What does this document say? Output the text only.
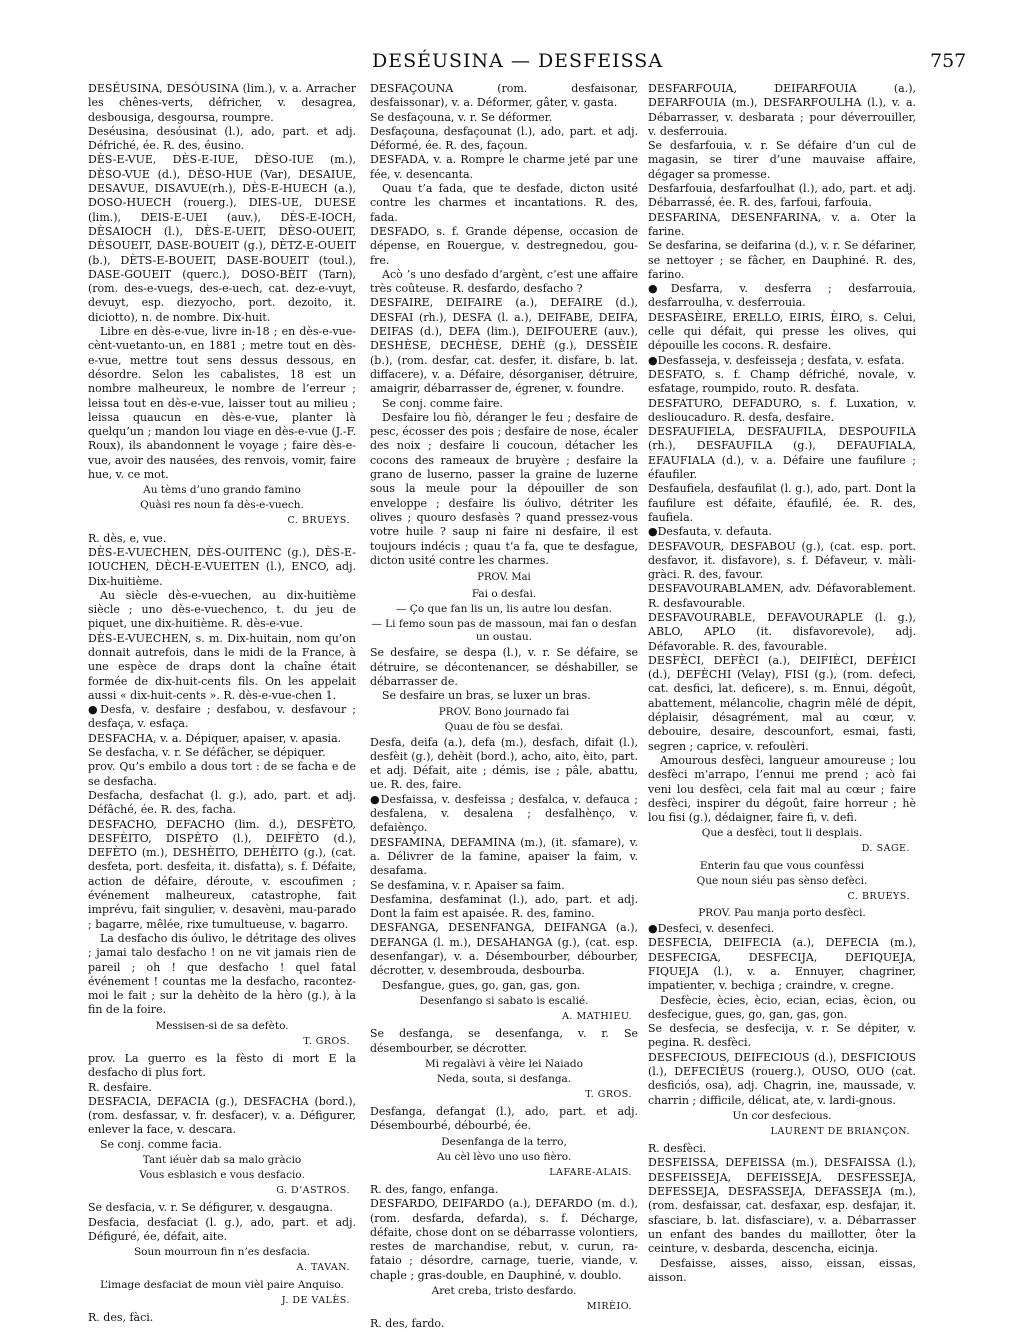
DESÉUSINA — DESFEISSA	757

DESÉUSINA, DESÓUSINA (lim.), v. a. Arracher les chênes-verts, défricher, v. desagrea, desbousiga, desgoursa, roumpre.

Deséusina, desóusinat (l.), ado, part. et adj. Défriché, ée. R. des, éusino.

DÈS-E-VUE, DÈS-E-IUE, DÈSO-IUE (m.), DÈSO-VUE (d.), DÈSO-HUE (Var), DESAIUE, DESAVUE, DISAVUE(rh.), DÈS-E-HUECH (a.), DOSO-HUECH (rouerg.), DIES-UE, DUESE (lim.), DEIS-E-UEI (auv.), DÈS-E-IOCH, DÈSAIOCH (l.), DÈS-E-UEIT, DÈSO-OUEIT, DÈSOUEIT, DASE-BOUEIT (g.), DÈTZ-E-OUEIT (b.), DÈTS-E-BOUEIT, DASE-BOUEIT (toul.), DASE-GOUEIT (querc.), DOSO-BÈIT (Tarn), (rom. des-e-vuegs, des-e-uech, cat. dez-e-vuyt, devuyt, esp. diezyocho, port. dezoito, it. diciotto), n. de nombre. Dix-huit.

Libre en dès-e-vue, livre in-18 ; en dès-e-vue-cènt-vuetanto-un, en 1881 ; metre tout en dès-e-vue, mettre tout sens dessus dessous, en désordre. Selon les cabalistes, 18 est un nombre malheureux, le nombre de l’erreur ; leissa tout en dès-e-vue, laisser tout au milieu ; leissa quaucun en dès-e-vue, planter là quelqu’un ; mandon lou viage en dès-e-vue (J.-F. Roux), ils abandonnent le voyage ; faire dès-e-vue, avoir des nausées, des renvois, vomir, faire hue, v. ce mot.

Au tèms d’uno grando famino

Quàsi res noun fa dès-e-vuech.

C. BRUEYS.

R. dès, e, vue.

DÈS-E-VUECHEN, DÈS-OUITENC (g.), DÈS-E-IOUCHEN, DÈCH-E-VUEITEN (l.), ENCO, adj. Dix-huitième.

Au siècle dès-e-vuechen, au dix-huitième siècle ; uno dès-e-vuechenco, t. du jeu de piquet, une dix-huitième. R. dès-e-vue.

DÈS-E-VUECHEN, s. m. Dix-huitain, nom qu’on donnait autrefois, dans le midi de la France, à une espèce de draps dont la chaîne était formée de dix-huit-cents fils. On les appelait aussi « dix-huit-cents ». R. dès-e-vue-chen 1.

●Desfa, v. desfaire ; desfabou, v. desfavour ; desfaça, v. esfaça.

DESFACHA, v. a. Dépiquer, apaiser, v. apasia.

Se desfacha, v. r. Se défâcher, se dépiquer.

prov. Qu’s embilo a dous tort : de se facha e de se desfacha.

Desfacha, desfachat (l. g.), ado, part. et adj. Défâché, ée. R. des, facha.

DESFACHO, DEFACHO (lim. d.), DESFÈTO, DESFÈITO, DISPÈTO (l.), DEIFÈTO (d.), DEFÈTO (m.), DESHÈITO, DEHÈITO (g.), (cat. desfeta, port. desfeita, it. disfatta), s. f. Défaite, action de défaire, déroute, v. escoufimen ; événement malheureux, catastrophe, fait imprévu, fait singulier, v. desavèni, mau-parado ; bagarre, mêlée, rixe tumultueuse, v. bagarro.

La desfacho dis óulivo, le détritage des olives ; jamai talo desfacho ! on ne vit jamais rien de pareil ; oh ! que desfacho ! quel fatal événement ! countas me la desfacho, racontez-moi le fait ; sur la dehèito de la hèro (g.), à la fin de la foire.

Messisen-si de sa defèto.

T. GROS.

prov. La guerro es la fèsto di mort E la desfacho di plus fort.

R. desfaire.

DESFACIA, DEFACIA (g.), DESFACHA (bord.), (rom. desfassar, v. fr. desfacer), v. a. Défigurer, enlever la face, v. descara.

Se conj. comme facia.

Tant iéuèr dab sa malo gràcio

Vous esblasich e vous desfacio.

G. D’ASTROS.

Se desfacia, v. r. Se défigurer, v. desgaugna.

Desfacia, desfaciat (l. g.), ado, part. et adj. Défiguré, ée, défait, aite.

Soun mourroun fin n’es desfacia.

A. TAVAN.

L’image desfaciat de moun vièl paire Anquiso.

J. DE VALÈS.

R. des, fàci.

DESFAÇOUNA (rom. desfaisonar, desfaissonar), v. a. Déformer, gâter, v. gasta.

Se desfaçouna, v. r. Se déformer.

Desfaçouna, desfaçounat (l.), ado, part. et adj. Déformé, ée. R. des, façoun.

DESFADA, v. a. Rompre le charme jeté par une fée, v. desencanta.

Quau t’a fada, que te desfade, dicton usité contre les charmes et incantations. R. des, fada.

DESFADO, s. f. Grande dépense, occasion de dépense, en Rouergue, v. destregnedou, gou-fre.

Acò ’s uno desfado d’argènt, c’est une affaire très coûteuse. R. desfardo, desfacho ?

DESFAIRE, DEIFAIRE (a.), DEFAIRE (d.), DESFAI (rh.), DESFA (l. a.), DEIFABE, DEIFA, DEIFAS (d.), DEFA (lim.), DEIFOUERE (auv.), DESHÈSE, DECHÈSE, DEHÈ (g.), DESSÈIE (b.), (rom. desfar, cat. desfer, it. disfare, b. lat. diffacere), v. a. Défaire, désorganiser, détruire, amaigrir, débarrasser de, égrener, v. foundre.

Se conj. comme faire.

Desfaire lou fiò, déranger le feu ; desfaire de pesc, écosser des pois ; desfaire de nose, écaler des noix ; desfaire li coucoun, détacher les cocons des rameaux de bruyère ; desfaire la grano de luserno, passer la graine de luzerne sous la meule pour la dépouiller de son enveloppe ; desfaire lis óulivo, détriter les olives ; quouro desfasès ? quand pressez-vous votre huile ? saup ni faire ni desfaire, il est toujours indécis ; quau t’a fa, que te desfague, dicton usité contre les charmes.

PROV. Mai

Fai o desfai.

— Ço que fan lis un, lis autre lou desfan.

— Li femo soun pas de massoun, mai fan o desfan un oustau.

Se desfaire, se despa (l.), v. r. Se défaire, se détruire, se décontenancer, se déshabiller, se débarrasser de.

Se desfaire un bras, se luxer un bras.

PROV. Bono journado fai

Quau de fòu se desfai.

Desfa, deifa (a.), defa (m.), desfach, difait (l.), desfèit (g.), dehèit (bord.), acho, aito, èito, part. et adj. Défait, aite ; démis, ise ; pâle, abattu, ue. R. des, faire.

●Desfaissa, v. desfeissa ; desfalca, v. defauca ; desfalena, v. desalena ; desfalhènço, v. defaiènço.

DESFAMINA, DEFAMINA (m.), (it. sfamare), v. a. Délivrer de la famine, apaiser la faim, v. desafama.

Se desfamina, v. r. Apaiser sa faim.

Desfamina, desfaminat (l.), ado, part. et adj. Dont la faim est apaisée. R. des, famino.

DESFANGA, DESENFANGA, DEIFANGA (a.), DEFANGA (l. m.), DESAHANGA (g.), (cat. esp. desenfangar), v. a. Désembourber, débourber, décrotter, v. desembrouda, desbourba.

Desfangue, gues, go, gan, gas, gon.

Desenfango si sabato is escalié.

A. MATHIEU.

Se desfanga, se desenfanga, v. r. Se désembourber, se décrotter.

Mi regalàvi à vèire lei Naiado

Neda, souta, si desfanga.

T. GROS.

Desfanga, defangat (l.), ado, part. et adj. Désembourbé, débourbé, ée.

Desenfanga de la terro,

Au cèl lèvo uno uso fièro.

LAFARE-ALAIS.

R. des, fango, enfanga.

DESFARDO, DEIFARDO (a.), DEFARDO (m. d.), (rom. desfarda, defarda), s. f. Décharge, défaite, chose dont on se débarrasse volontiers, restes de marchandise, rebut, v. curun, ra-fataio ; désordre, carnage, tuerie, viande, v. chaple ; gras-double, en Dauphiné, v. doublo.

Aret creba, tristo desfardo.

MIRÈIO.

R. des, fardo.

DESFARFOUIA, DEIFARFOUIA (a.), DEFARFOUIA (m.), DESFARFOULHA (l.), v. a. Débarrasser, v. desbarata ; pour déverrouiller, v. desferrouia.

Se desfarfouia, v. r. Se défaire d’un cul de magasin, se tirer d’une mauvaise affaire, dégager sa promesse.

Desfarfouia, desfarfoulhat (l.), ado, part. et adj. Débarrassé, ée. R. des, farfoui, farfouia.

DESFARINA, DESENFARINA, v. a. Oter la farine.

Se desfarina, se deifarina (d.), v. r. Se défariner, se nettoyer ; se fâcher, en Dauphiné. R. des, farino.

●Desfarra, v. desferra ; desfarrouia, desfarroulha, v. desferrouia.

DESFASÈIRE, ERELLO, EIRIS, ÈIRO, s. Celui, celle qui défait, qui presse les olives, qui dépouille les cocons. R. desfaire.

●Desfasseja, v. desfeisseja ; desfata, v. esfata.

DESFATO, s. f. Champ défriché, novale, v. esfatage, roumpido, routo. R. desfata.

DESFATURO, DEFADURO, s. f. Luxation, v. deslioucaduro. R. desfa, desfaire.

DESFAUFIELA, DESFAUFILA, DESPOUFILA (rh.), DESFAUFILA (g.), DEFAUFIALA, EFAUFIALA (d.), v. a. Défaire une faufilure ; éfaufiler.

Desfaufiela, desfaufilat (l. g.), ado, part. Dont la faufilure est défaite, éfaufilé, ée. R. des, faufiela.

●Desfauta, v. defauta.

DESFAVOUR, DESFABOU (g.), (cat. esp. port. desfavor, it. disfavore), s. f. Défaveur, v. màli-gràci. R. des, favour.

DESFAVOURABLAMEN, adv. Défavorablement. R. desfavourable.

DESFAVOURABLE, DEFAVOURAPLE (l. g.), ABLO, APLO (it. disfavorevole), adj. Défavorable. R. des, favourable.

DESFÈCI, DEFÈCI (a.), DEIFIÈCI, DEFÈICI (d.), DEFÈCHI (Velay), FISI (g.), (rom. defeci, cat. desfici, lat. deficere), s. m. Ennui, dégoût, abattement, mélancolie, chagrin mêlé de dépit, déplaisir, désagrément, mal au cœur, v. debouire, desaire, descounfort, esmai, fasti, segren ; caprice, v. refoulèri.

Amourous desfèci, langueur amoureuse ; lou desfèci m’arrapo, l’ennui me prend ; acò fai veni lou desfèci, cela fait mal au cœur ; faire desfèci, inspirer du dégoût, faire horreur ; hè lou fisi (g.), dédaigner, faire fi, v. defi.

Que a desfèci, tout li desplais.

D. SAGE.

Enterin fau que vous counfèssi

Que noun siéu pas sènso defèci.

C. BRUEYS.

PROV. Pau manja porto desfèci.

●Desfeci, v. desenfeci.

DESFECIA, DEIFECIA (a.), DEFECIA (m.), DESFECIGA, DESFECIJA, DEFIQUEJA, FIQUEJA (l.), v. a. Ennuyer, chagriner, impatienter, v. bechiga ; craindre, v. cregne.

Desfècie, ècies, ècio, ecian, ecias, ècion, ou desfecigue, gues, go, gan, gas, gon.

Se desfecia, se desfecija, v. r. Se dépiter, v. pegina. R. desfèci.

DESFECIOUS, DEIFECIOUS (d.), DESFICIOUS (l.), DEFECIÈUS (rouerg.), OUSO, OUO (cat. desficiós, osa), adj. Chagrin, ine, maussade, v. charrin ; difficile, délicat, ate, v. lardi-gnous.

Un cor desfecious.

LAURENT DE BRIANÇON.

R. desfèci.

DESFEISSA, DEFEISSA (m.), DESFAISSA (l.), DESFEISSEJA, DEFEISSEJA, DESFESSEJA, DEFESSEJA, DESFASSEJA, DEFASSEJA (m.), (rom. desfaissar, cat. desfaxar, esp. desfajar, it. sfasciare, b. lat. disfasciare), v. a. Débarrasser un enfant des bandes du maillotter, ôter la ceinture, v. desbarda, descencha, eicinja.

Desfaisse, aisses, aisso, eissan, eissas, aisson.
